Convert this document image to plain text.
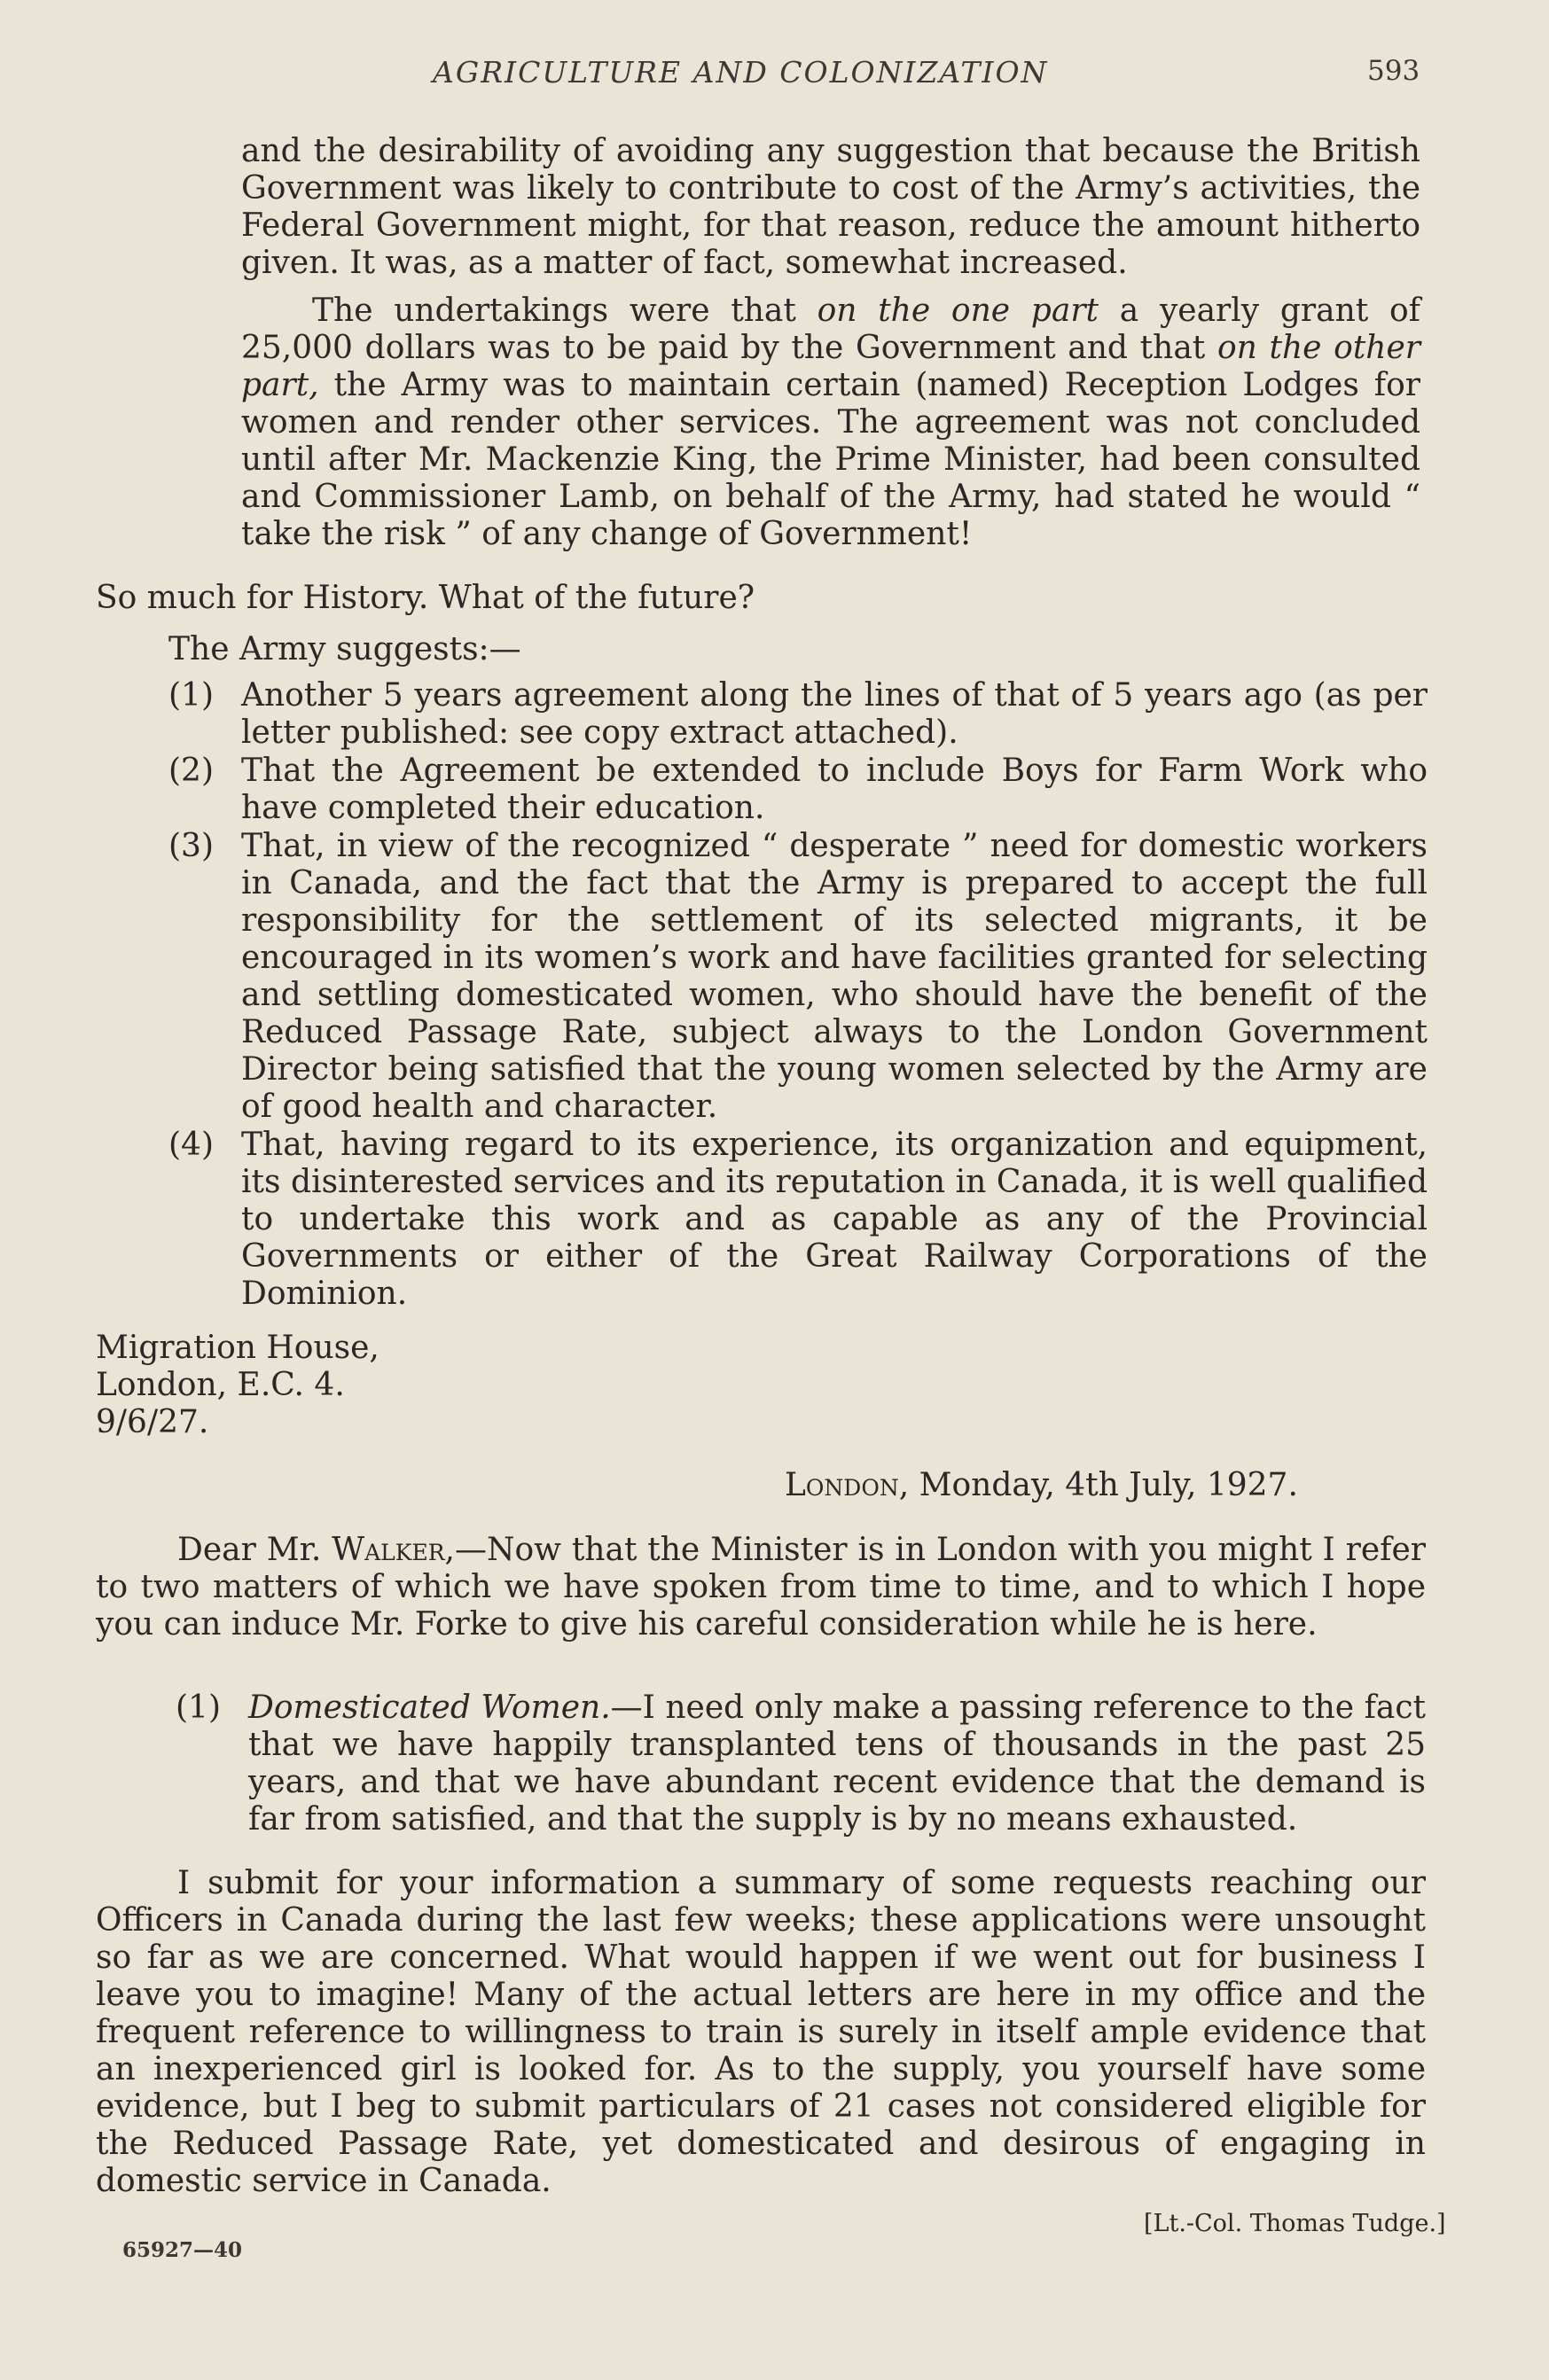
AGRICULTURE AND COLONIZATION	593

and the desirability of avoiding any suggestion that because the British Government was likely to contribute to cost of the Army’s activities, the Federal Government might, for that reason, reduce the amount hitherto given. It was, as a matter of fact, somewhat increased.

The undertakings were that on the one part a yearly grant of 25,000 dollars was to be paid by the Government and that on the other part, the Army was to maintain certain (named) Reception Lodges for women and render other services. The agreement was not concluded until after Mr. Mackenzie King, the Prime Minister, had been consulted and Commissioner Lamb, on behalf of the Army, had stated he would “ take the risk ” of any change of Government!

So much for History. What of the future?

The Army suggests:—

(1) Another 5 years agreement along the lines of that of 5 years ago (as per letter published: see copy extract attached).
(2) That the Agreement be extended to include Boys for Farm Work who have completed their education.
(3) That, in view of the recognized “ desperate ” need for domestic workers in Canada, and the fact that the Army is prepared to accept the full responsibility for the settlement of its selected migrants, it be encouraged in its women’s work and have facilities granted for selecting and settling domesticated women, who should have the benefit of the Reduced Passage Rate, subject always to the London Government Director being satisfied that the young women selected by the Army are of good health and character.
(4) That, having regard to its experience, its organization and equipment, its disinterested services and its reputation in Canada, it is well qualified to undertake this work and as capable as any of the Provincial Governments or either of the Great Railway Corporations of the Dominion.
Migration House,
London, E.C. 4.
9/6/27.
London, Monday, 4th July, 1927.

Dear Mr. Walker,—Now that the Minister is in London with you might I refer to two matters of which we have spoken from time to time, and to which I hope you can induce Mr. Forke to give his careful consideration while he is here.

(1) Domesticated Women.—I need only make a passing reference to the fact that we have happily transplanted tens of thousands in the past 25 years, and that we have abundant recent evidence that the demand is far from satisfied, and that the supply is by no means exhausted.

I submit for your information a summary of some requests reaching our Officers in Canada during the last few weeks; these applications were unsought so far as we are concerned. What would happen if we went out for business I leave you to imagine! Many of the actual letters are here in my office and the frequent reference to willingness to train is surely in itself ample evidence that an inexperienced girl is looked for. As to the supply, you yourself have some evidence, but I beg to submit particulars of 21 cases not considered eligible for the Reduced Passage Rate, yet domesticated and desirous of engaging in domestic service in Canada.

[Lt.-Col. Thomas Tudge.]
65927—40
